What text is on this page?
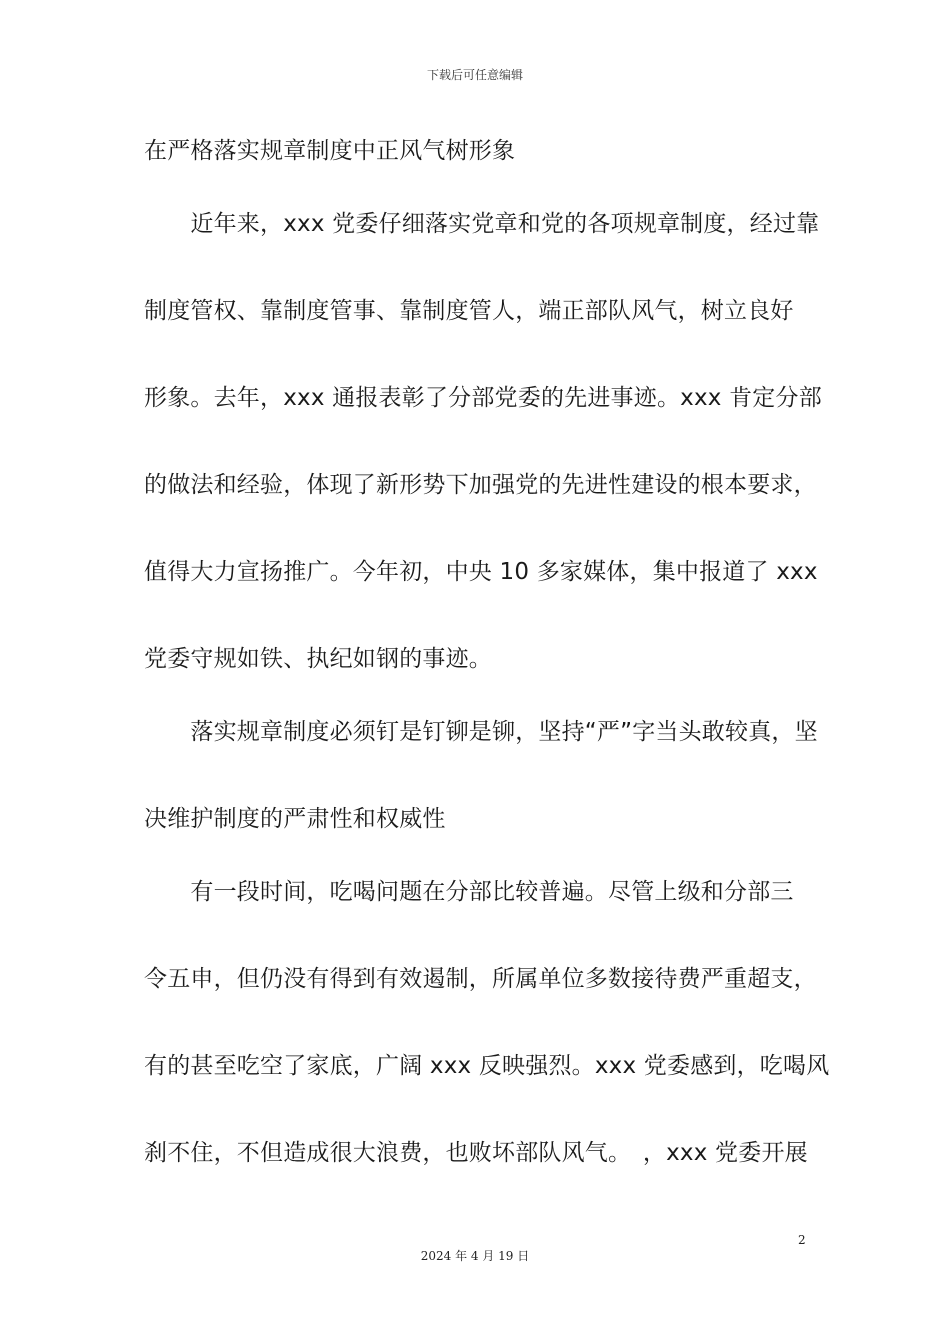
下载后可任意编辑
在严格落实规章制度中正风气树形象
　　近年来，xxx 党委仔细落实党章和党的各项规章制度，经过靠
制度管权、靠制度管事、靠制度管人，端正部队风气，树立良好
形象。去年，xxx 通报表彰了分部党委的先进事迹。xxx 肯定分部
的做法和经验，体现了新形势下加强党的先进性建设的根本要求，
值得大力宣扬推广。今年初，中央 10 多家媒体，集中报道了 xxx
党委守规如铁、执纪如钢的事迹。
　　落实规章制度必须钉是钉铆是铆，坚持“严”字当头敢较真，坚
决维护制度的严肃性和权威性
　　有一段时间，吃喝问题在分部比较普遍。尽管上级和分部三
令五申，但仍没有得到有效遏制，所属单位多数接待费严重超支，
有的甚至吃空了家底，广阔 xxx 反映强烈。xxx 党委感到，吃喝风
刹不住，不但造成很大浪费，也败坏部队风气。　，xxx 党委开展
2
2024 年 4 月 19 日
